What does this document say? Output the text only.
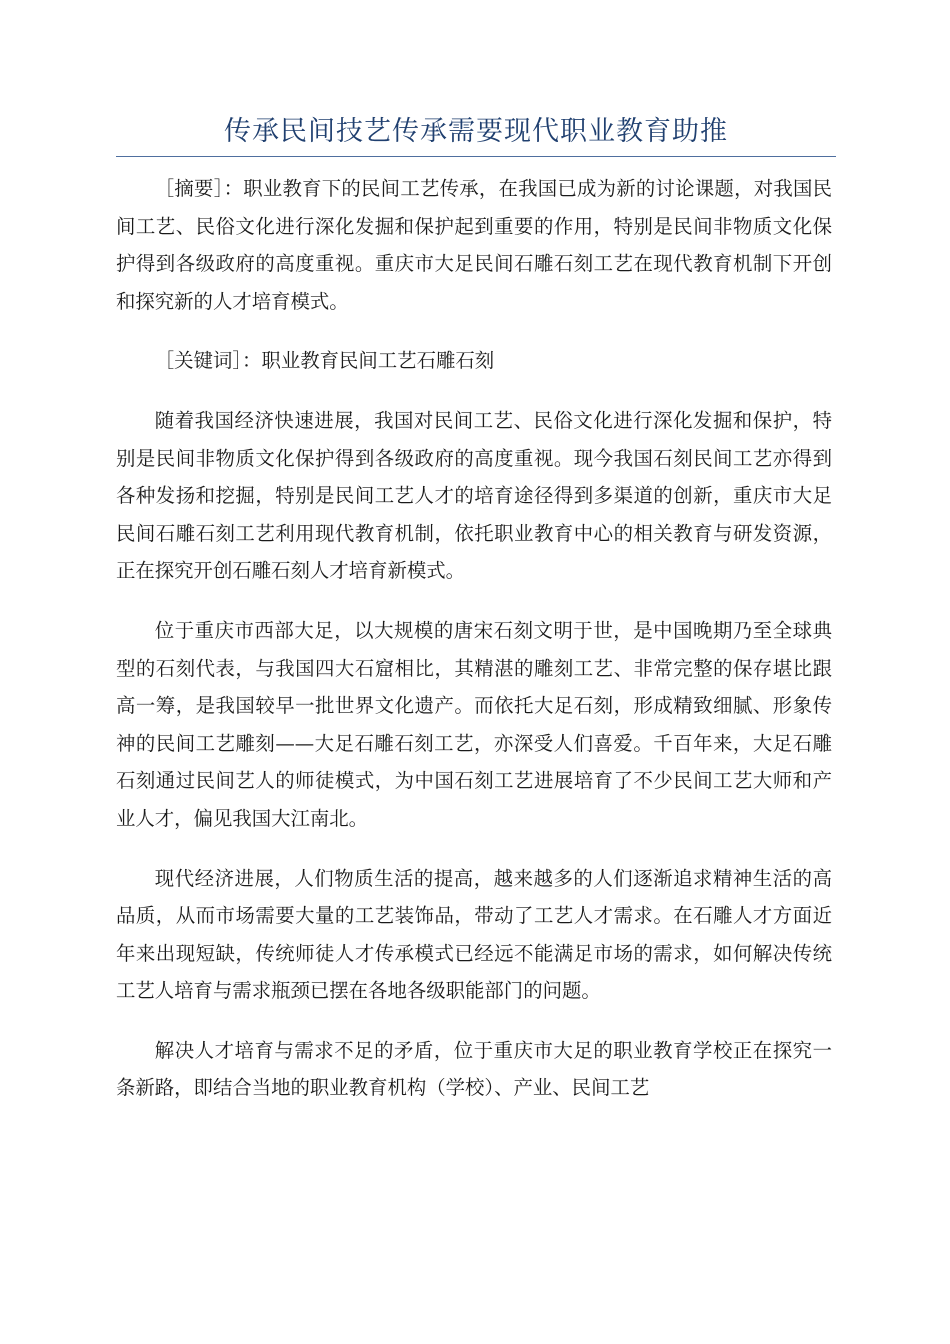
传承民间技艺传承需要现代职业教育助推

［摘要］：职业教育下的民间工艺传承，在我国已成为新的讨论课题，对我国民间工艺、民俗文化进行深化发掘和保护起到重要的作用，特别是民间非物质文化保护得到各级政府的高度重视。重庆市大足民间石雕石刻工艺在现代教育机制下开创和探究新的人才培育模式。

［关键词］：职业教育民间工艺石雕石刻

随着我国经济快速进展，我国对民间工艺、民俗文化进行深化发掘和保护，特别是民间非物质文化保护得到各级政府的高度重视。现今我国石刻民间工艺亦得到各种发扬和挖掘，特别是民间工艺人才的培育途径得到多渠道的创新，重庆市大足民间石雕石刻工艺利用现代教育机制，依托职业教育中心的相关教育与研发资源，正在探究开创石雕石刻人才培育新模式。

位于重庆市西部大足，以大规模的唐宋石刻文明于世，是中国晚期乃至全球典型的石刻代表，与我国四大石窟相比，其精湛的雕刻工艺、非常完整的保存堪比跟高一筹，是我国较早一批世界文化遗产。而依托大足石刻，形成精致细腻、形象传神的民间工艺雕刻——大足石雕石刻工艺，亦深受人们喜爱。千百年来，大足石雕石刻通过民间艺人的师徒模式，为中国石刻工艺进展培育了不少民间工艺大师和产业人才，偏见我国大江南北。

现代经济进展，人们物质生活的提高，越来越多的人们逐渐追求精神生活的高品质，从而市场需要大量的工艺装饰品，带动了工艺人才需求。在石雕人才方面近年来出现短缺，传统师徒人才传承模式已经远不能满足市场的需求，如何解决传统工艺人培育与需求瓶颈已摆在各地各级职能部门的问题。

解决人才培育与需求不足的矛盾，位于重庆市大足的职业教育学校正在探究一条新路，即结合当地的职业教育机构（学校）、产业、民间工艺
